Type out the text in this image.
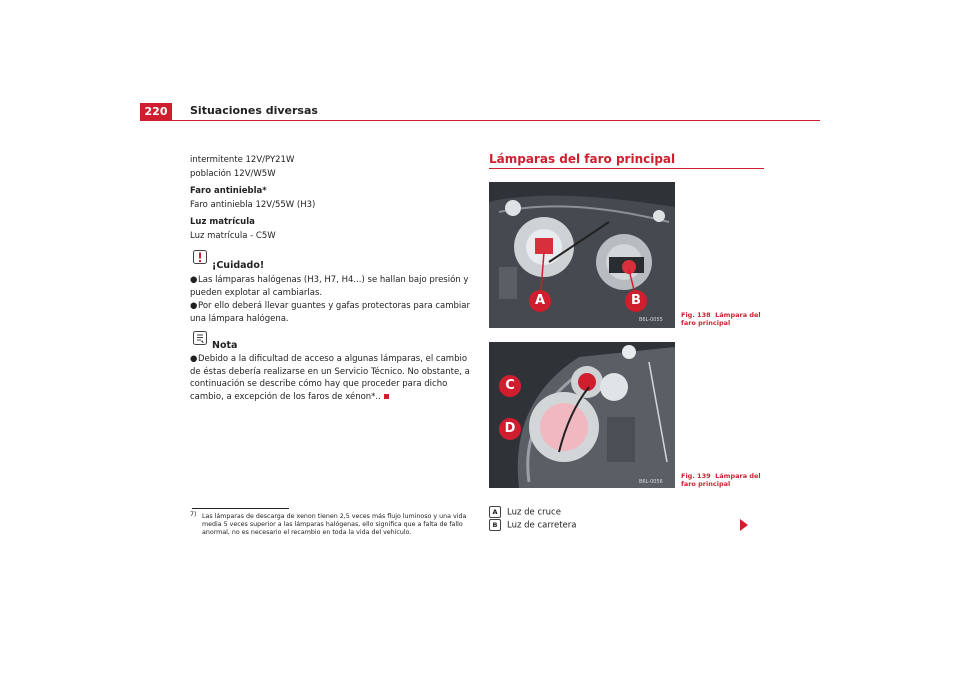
220	Situaciones diversas
intermitente 12V/PY21W
población 12V/W5W
Faro antiniebla*
Faro antiniebla 12V/55W (H3)
Luz matrícula
Luz matrícula - C5W
¡Cuidado!
●Las lámparas halógenas (H3, H7, H4...) se hallan bajo presión y pueden explotar al cambiarlas.
●Por ello deberá llevar guantes y gafas protectoras para cambiar una lámpara halógena.
Nota
●Debido a la dificultad de acceso a algunas lámparas, el cambio de éstas debería realizarse en un Servicio Técnico. No obstante, a continuación se describe cómo hay que proceder para dicho cambio, a excepción de los faros de xénon*..
7) Las lámparas de descarga de xenon tienen 2,5 veces más flujo luminoso y una vida media 5 veces superior a las lámparas halógenas, ello significa que a falta de fallo anormal, no es necesario el recambio en toda la vida del vehículo.
Lámparas del faro principal
A	B
B6L-0055
Fig. 138 Lámpara del faro principal
C
D
B6L-0056
Fig. 139 Lámpara del faro principal
A Luz de cruce
B Luz de carretera
